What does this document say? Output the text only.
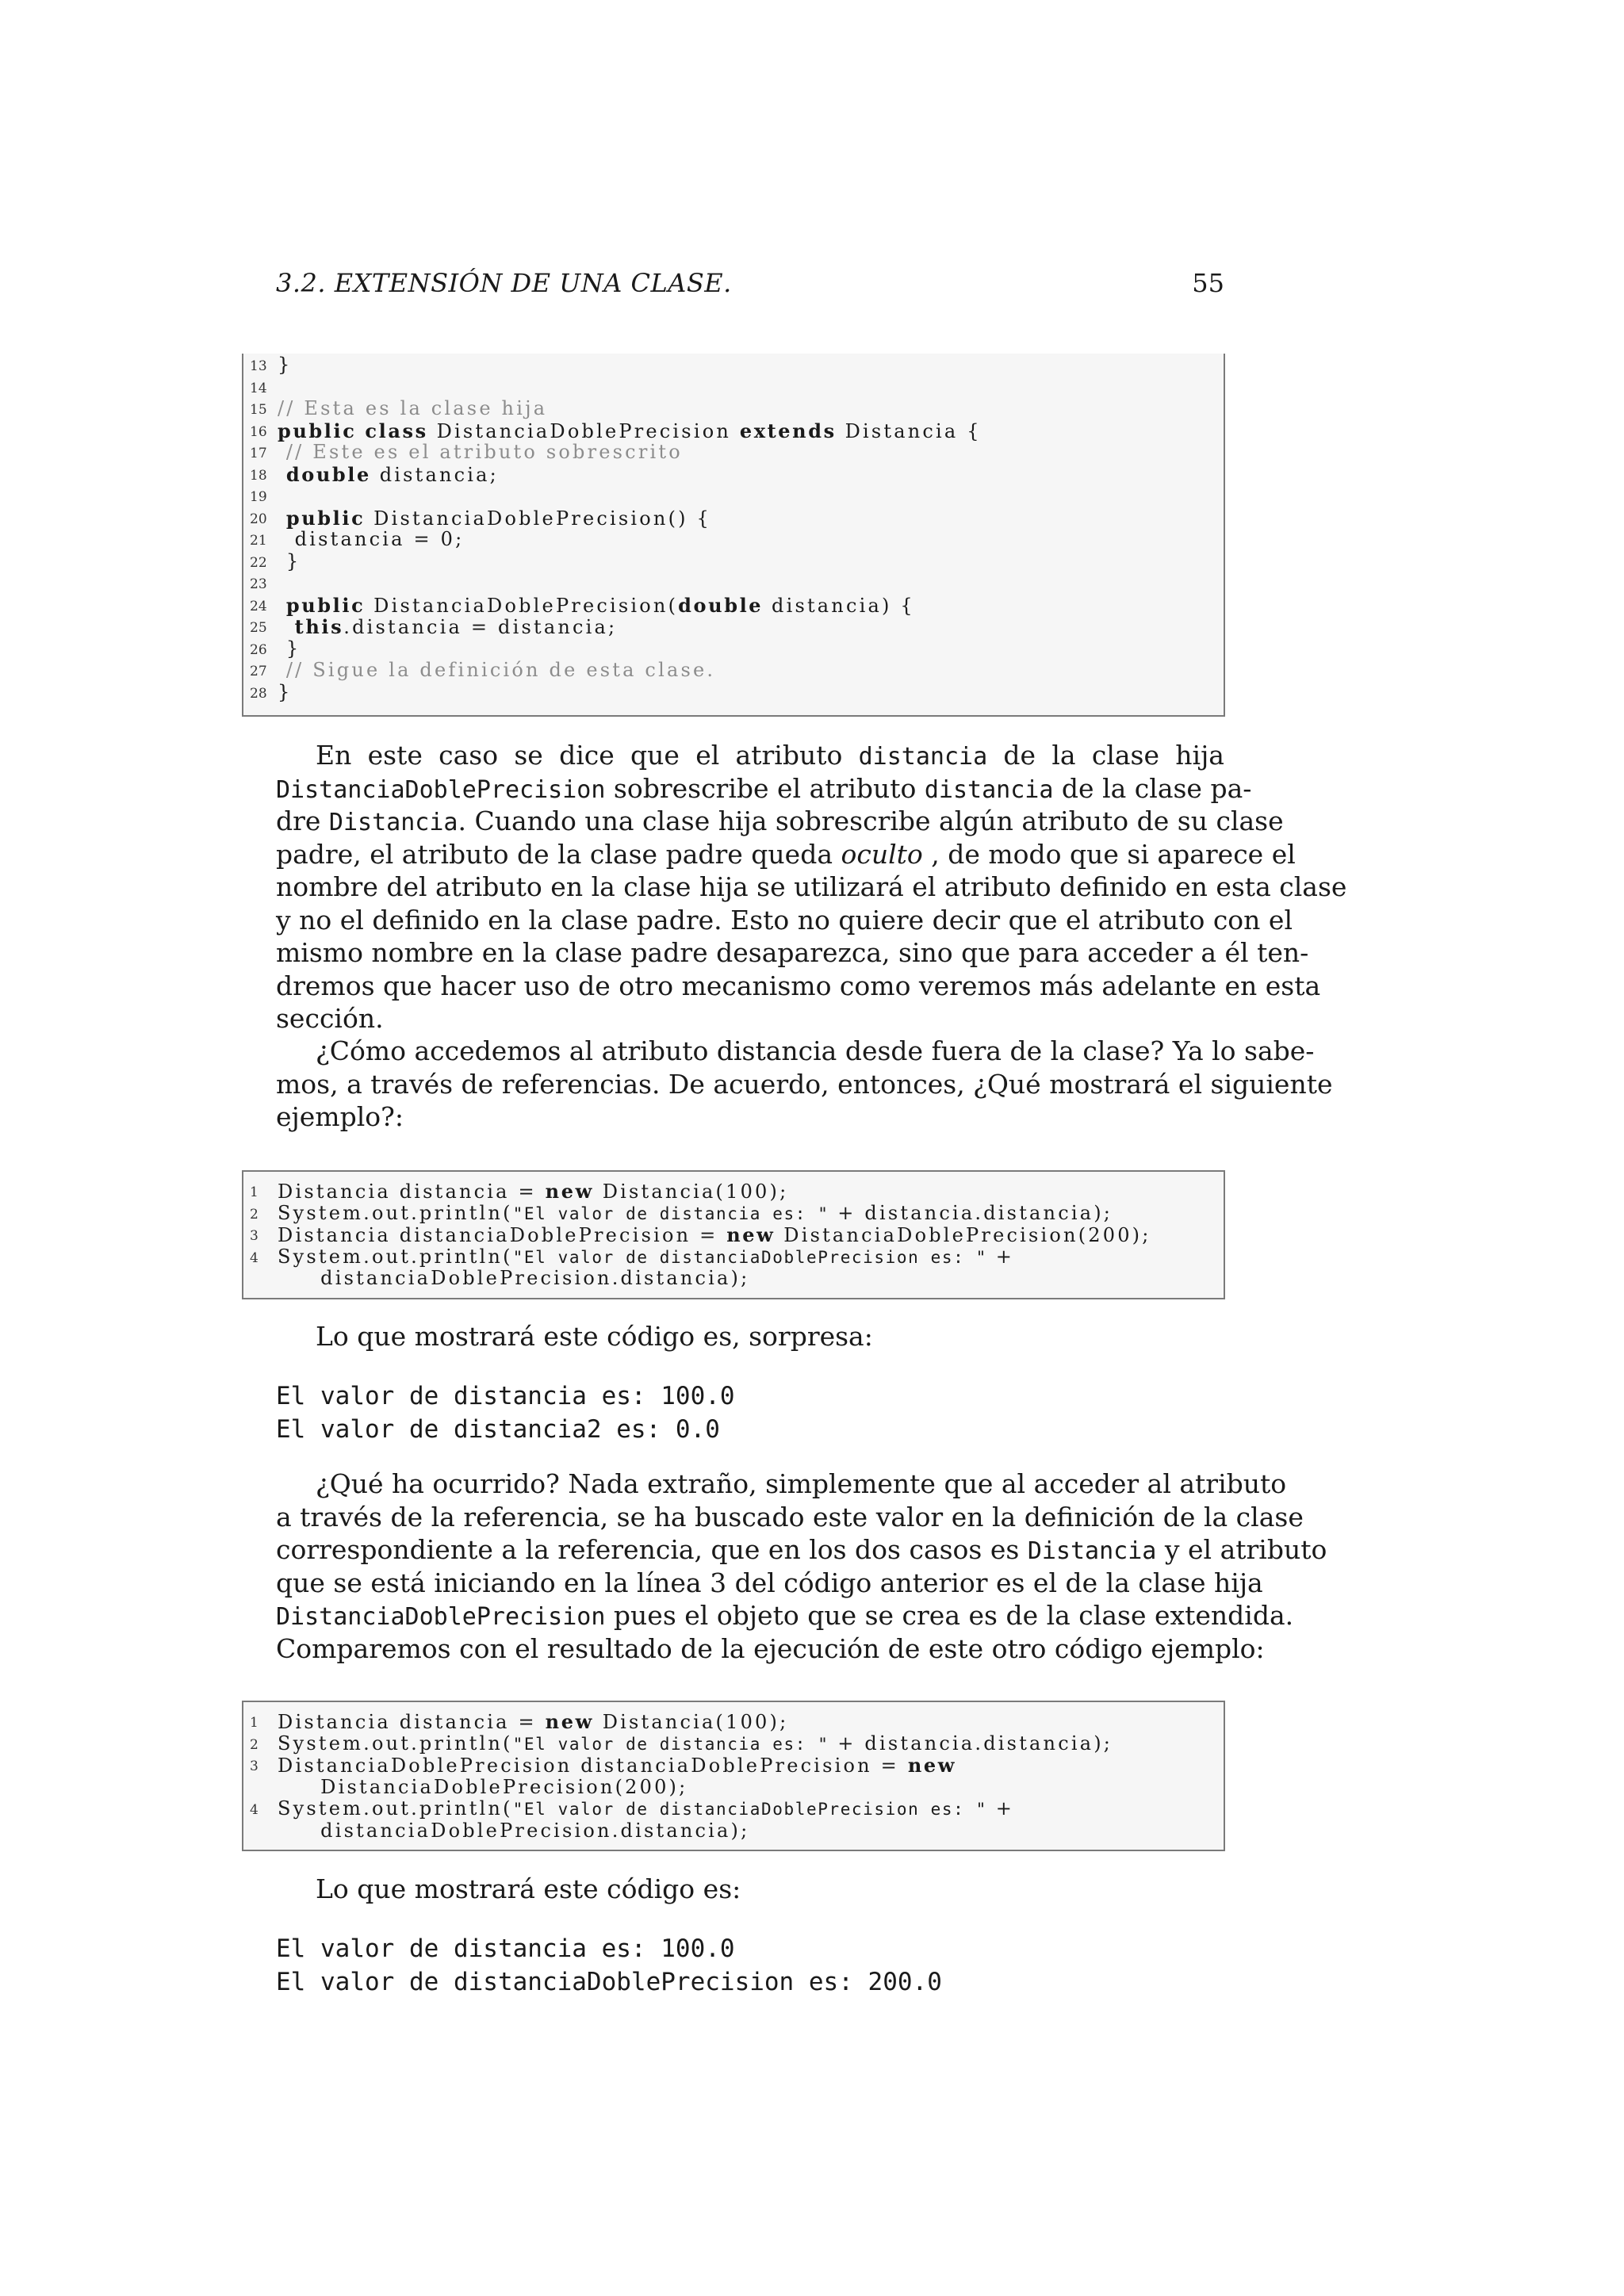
3.2. EXTENSIÓN DE UNA CLASE.	55
13 }
14
15 // Esta es la clase hija
16 public class DistanciaDoblePrecision extends Distancia {
17	// Este es el atributo sobrescrito
18	double distancia;
19
20	public DistanciaDoblePrecision() {
21 distancia = 0;
22 }
23
24	public DistanciaDoblePrecision(double distancia) {
25	this.distancia = distancia;
26 }
27	// Sigue la definición de esta clase.
28 }
En este caso se dice que el atributo distancia de la clase hija
DistanciaDoblePrecision sobrescribe el atributo distancia de la clase pa-
dre Distancia. Cuando una clase hija sobrescribe algún atributo de su clase
padre, el atributo de la clase padre queda oculto , de modo que si aparece el
nombre del atributo en la clase hija se utilizará el atributo definido en esta clase
y no el definido en la clase padre. Esto no quiere decir que el atributo con el
mismo nombre en la clase padre desaparezca, sino que para acceder a él ten-
dremos que hacer uso de otro mecanismo como veremos más adelante en esta
sección.
¿Cómo accedemos al atributo distancia desde fuera de la clase? Ya lo sabe-
mos, a través de referencias. De acuerdo, entonces, ¿Qué mostrará el siguiente
ejemplo?:
1	Distancia distancia = new Distancia(100);
2	System.out.println("El valor de distancia es: " + distancia.distancia);
3	Distancia distanciaDoblePrecision = new DistanciaDoblePrecision(200);
4	System.out.println("El valor de distanciaDoblePrecision es: " +
distanciaDoblePrecision.distancia);
Lo que mostrará este código es, sorpresa:
El valor de distancia es: 100.0
El valor de distancia2 es: 0.0
¿Qué ha ocurrido? Nada extraño, simplemente que al acceder al atributo
a través de la referencia, se ha buscado este valor en la definición de la clase
correspondiente a la referencia, que en los dos casos es Distancia y el atributo
que se está iniciando en la línea 3 del código anterior es el de la clase hija
DistanciaDoblePrecision pues el objeto que se crea es de la clase extendida.
Comparemos con el resultado de la ejecución de este otro código ejemplo:
1	Distancia distancia = new Distancia(100);
2	System.out.println("El valor de distancia es: " + distancia.distancia);
3	DistanciaDoblePrecision distanciaDoblePrecision = new
DistanciaDoblePrecision(200);
4	System.out.println("El valor de distanciaDoblePrecision es: " +
distanciaDoblePrecision.distancia);
Lo que mostrará este código es:
El valor de distancia es: 100.0
El valor de distanciaDoblePrecision es: 200.0
